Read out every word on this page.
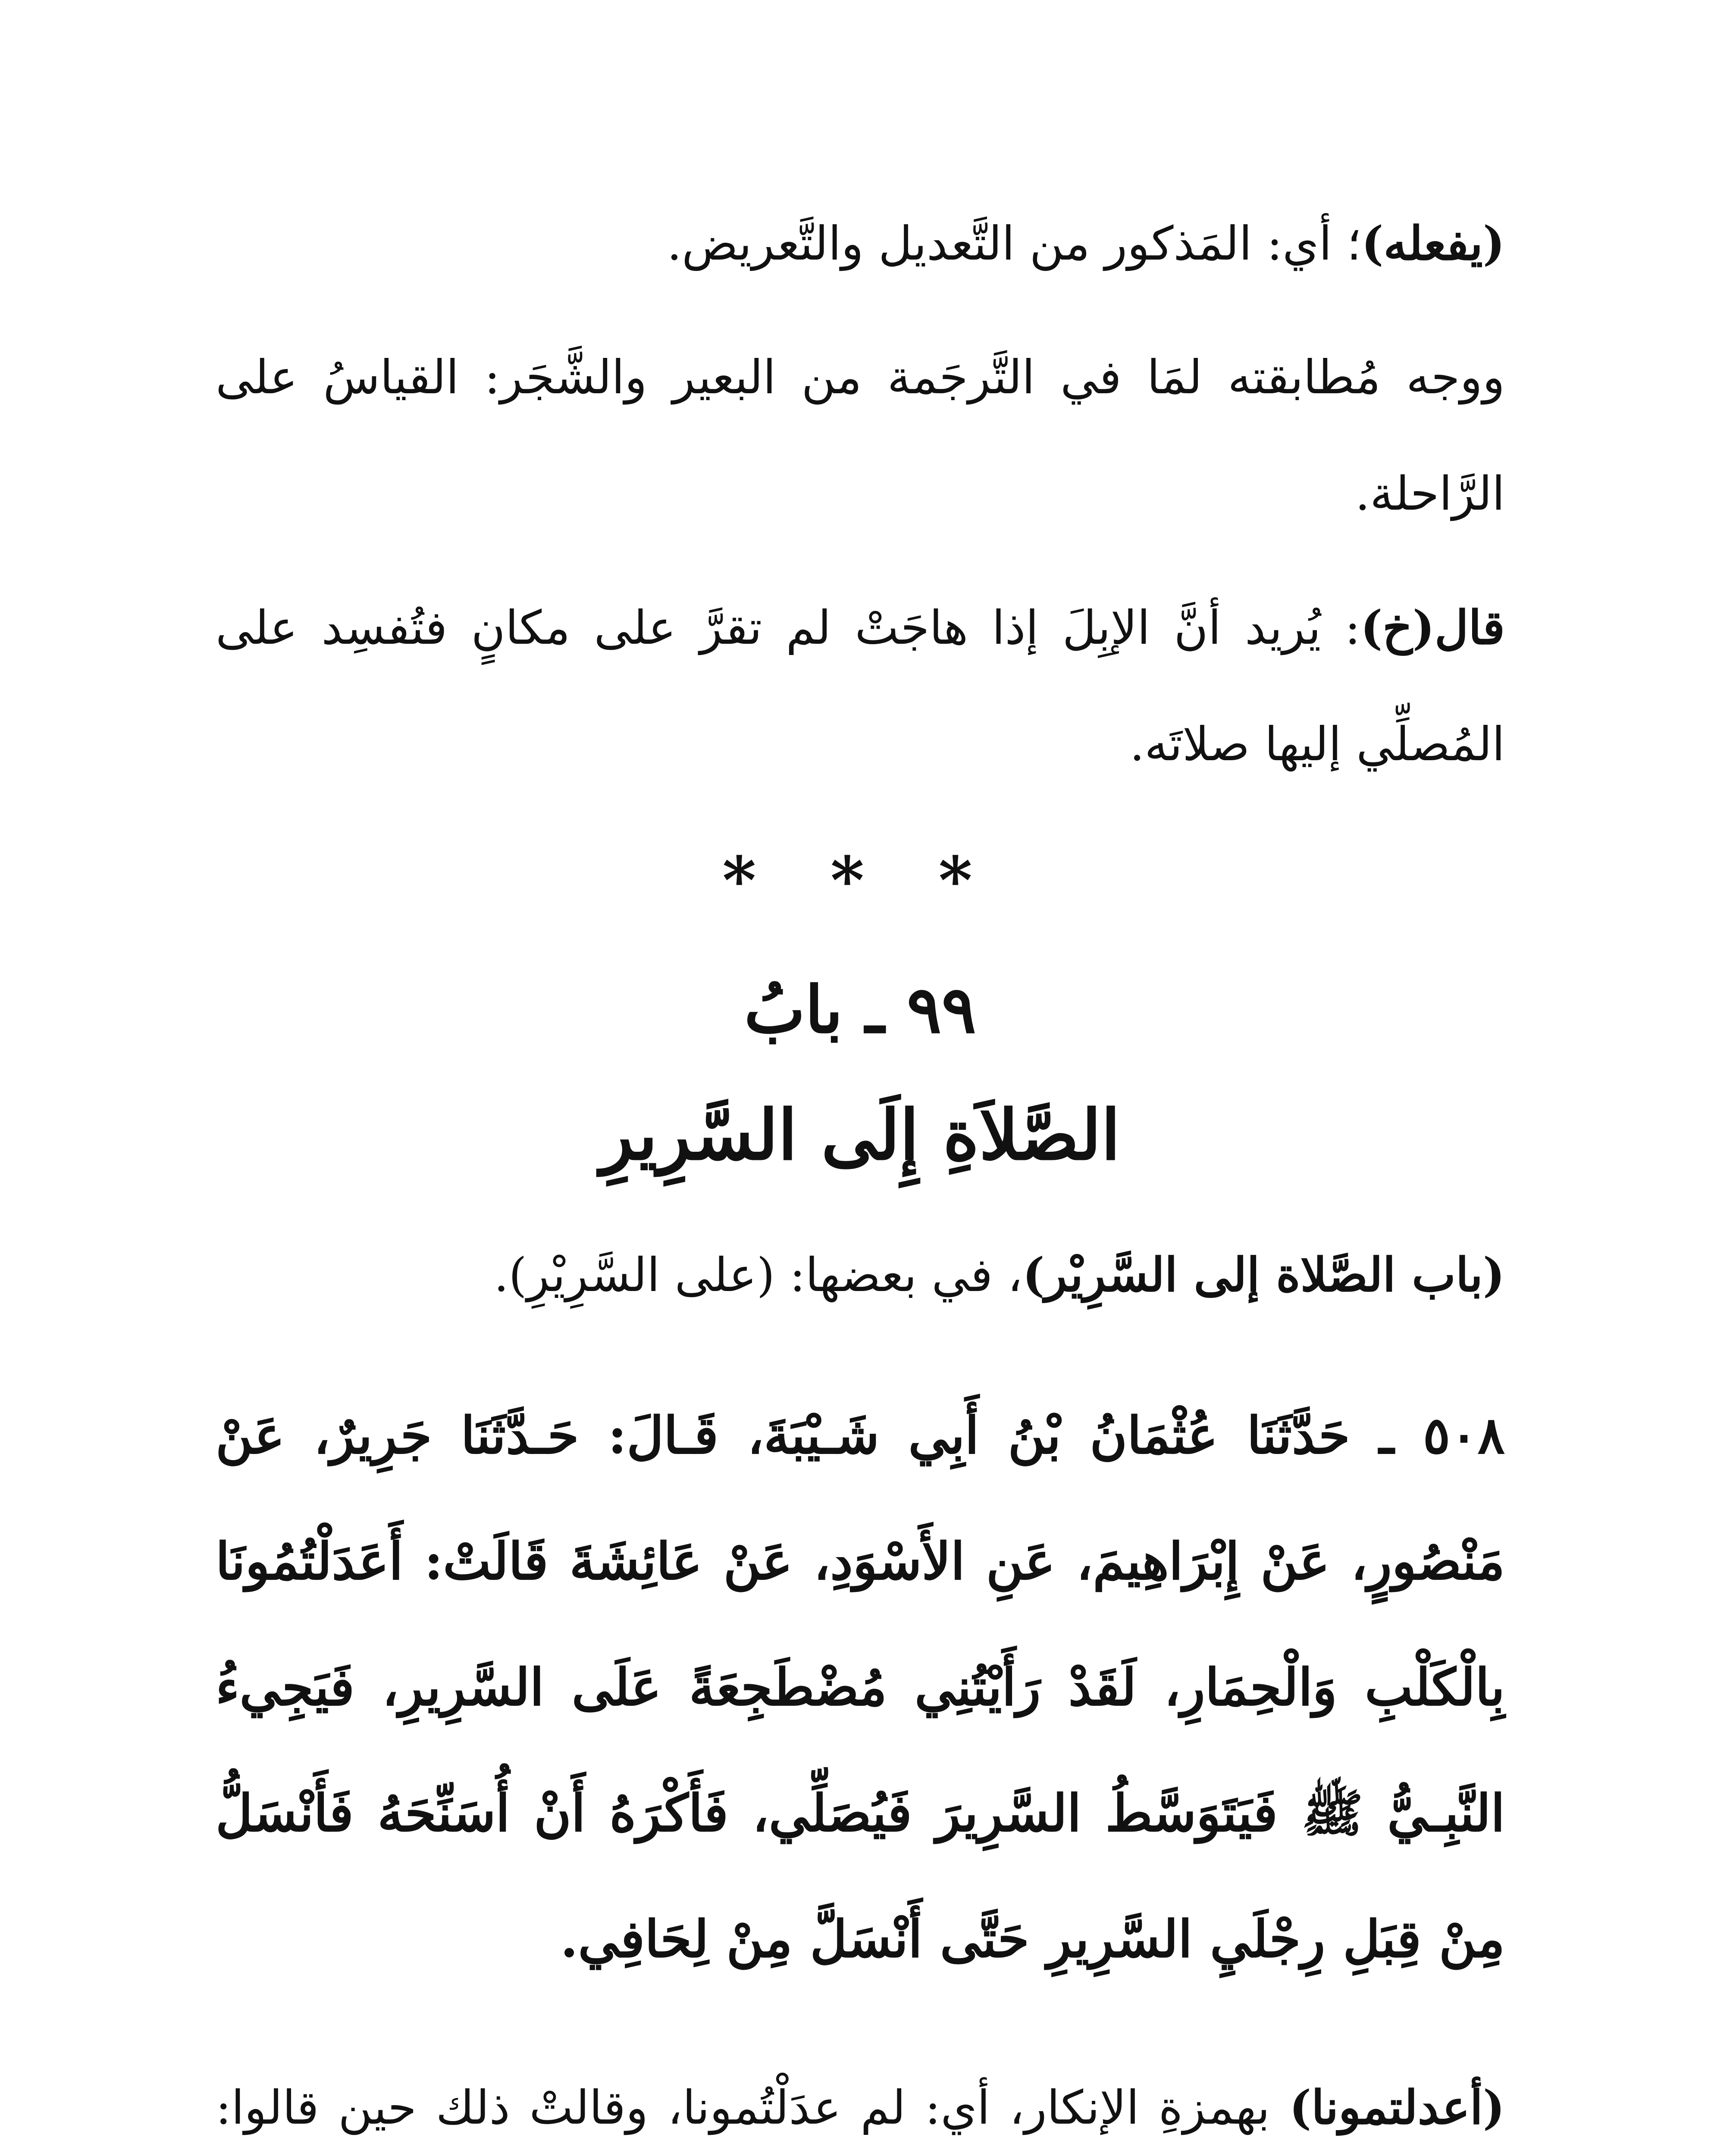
(يفعله)؛ أي: المَذكور من التَّعديل والتَّعريض.

ووجه مُطابقته لمَا في التَّرجَمة من البعير والشَّجَر: القياسُ على الرَّاحلة.

قال(خ): يُريد أنَّ الإبِلَ إذا هاجَتْ لم تقرَّ على مكانٍ فتُفسِد على المُصلِّي إليها صلاتَه.

* * *
٩٩ ـ بابُ
الصَّلاَةِ إِلَى السَّرِيرِ

(باب الصَّلاة إلى السَّرِيْر)، في بعضها: (على السَّرِيْرِ).

٥٠٨ ـ حَدَّثَنَا عُثْمَانُ بْنُ أَبِي شَـيْبَةَ، قَـالَ: حَـدَّثَنَا جَرِيرٌ، عَنْ مَنْصُورٍ، عَنْ إِبْرَاهِيمَ، عَنِ الأَسْوَدِ، عَنْ عَائِشَةَ قَالَتْ: أَعَدَلْتُمُونَا بِالْكَلْبِ وَالْحِمَارِ، لَقَدْ رَأَيْتُنِي مُضْطَجِعَةً عَلَى السَّرِيرِ، فَيَجِيءُ النَّبِـيُّ ﷺ فَيَتَوَسَّطُ السَّرِيرَ فَيُصَلِّي، فَأَكْرَهُ أَنْ أُسَنِّحَهُ فَأَنْسَلُّ مِنْ قِبَلِ رِجْلَيِ السَّرِيرِ حَتَّى أَنْسَلَّ مِنْ لِحَافِي.

(أعدلتمونا) بهمزةِ الإنكار، أي: لم عدَلْتُمونا، وقالتْ ذلك حين قالوا:
